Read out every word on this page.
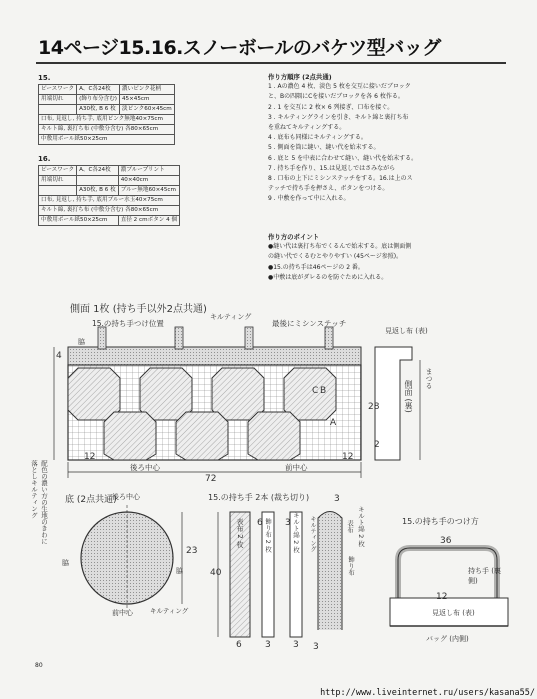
14ページ15.16.スノーボールのバケツ型バッグ
15.
ピースワーク	A、C各24枚	濃いピンク花柄
用端切れ	(飾り布分含む)	45×45cm
	A30枚, B 6 枚	淡ピンク60×45cm
口布, 見返し, 持ち手, 底用ピンク無地40×75cm		
キルト綿, 裏打ち布 (中敷分含む) 各80×65cm		
中敷用ボール紙50×25cm		
16.
ピースワーク	A、C各24枚	濃ブループリント
用端切れ		40×40cm
	A30枚, B 6 枚	ブルー無地60×45cm
口布, 見返し, 持ち手, 底用ブルー水玉40×75cm		
キルト綿, 裏打ち布 (中敷分含む) 各80×65cm		
中敷用ボール紙50×25cm		直径 2 cmボタン 4 個
作り方順序 (2点共通)
1 . Aの濃色 4 枚、淡色 5 枚を交互に接いだブロック
と、Bの四隅にCを接いだブロックを各 6 枚作る。
2 . 1 を交互に 2 枚× 6 列接ぎ、口布を接ぐ。
3 . キルティングラインを引き、キルト綿と裏打ち布
を重ねてキルティングする。
4 . 底布も同様にキルティングする。
5 . 側面を筒に縫い、縫い代を始末する。
6 . 底と 5 を中表に合わせて縫い、縫い代を始末する。
7 . 持ち手を作り、15.は見返しではさみながら
8 . 口布の上下にミシンステッチをする。16.は上のス
テッチで持ち手を押さえ、ボタンをつける。
9 . 中敷を作って中に入れる。
作り方のポイント
●縫い代は裏打ち布でくるんで始末する。底は側面側
の縫い代でくるむとやりやすい (45ページ参照)。
●15.の持ち手は46ページの 2 番。
●中敷は底がダレるのを防ぐために入れる。
側面 1枚 (持ち手以外2点共通)
15.の持ち手つけ位置
キルティング
最後にミシンステッチ
脇
4
B
C
A
28
12	12
2
後ろ中心	前中心
72
見返し布 (表)
まつる
側面 (裏)
配色の濃い方の生地のきわに
落としキルティング	底 (2点共通)
後ろ中心
前中心	キルティング
脇
脇
23
15.の持ち手 2本 (裁ち切り)
表布 2 枚	飾り布 2 枚	キルト綿 2 枚	キルト綿 2 枚
表布
飾り布
キルティング
40
6	3 3
3
6 3
3
15.の持ち手のつけ方
36
持ち手 (裏側)
12
見返し布 (表)
バッグ (内側)
80
http://www.liveinternet.ru/users/kasana55/
